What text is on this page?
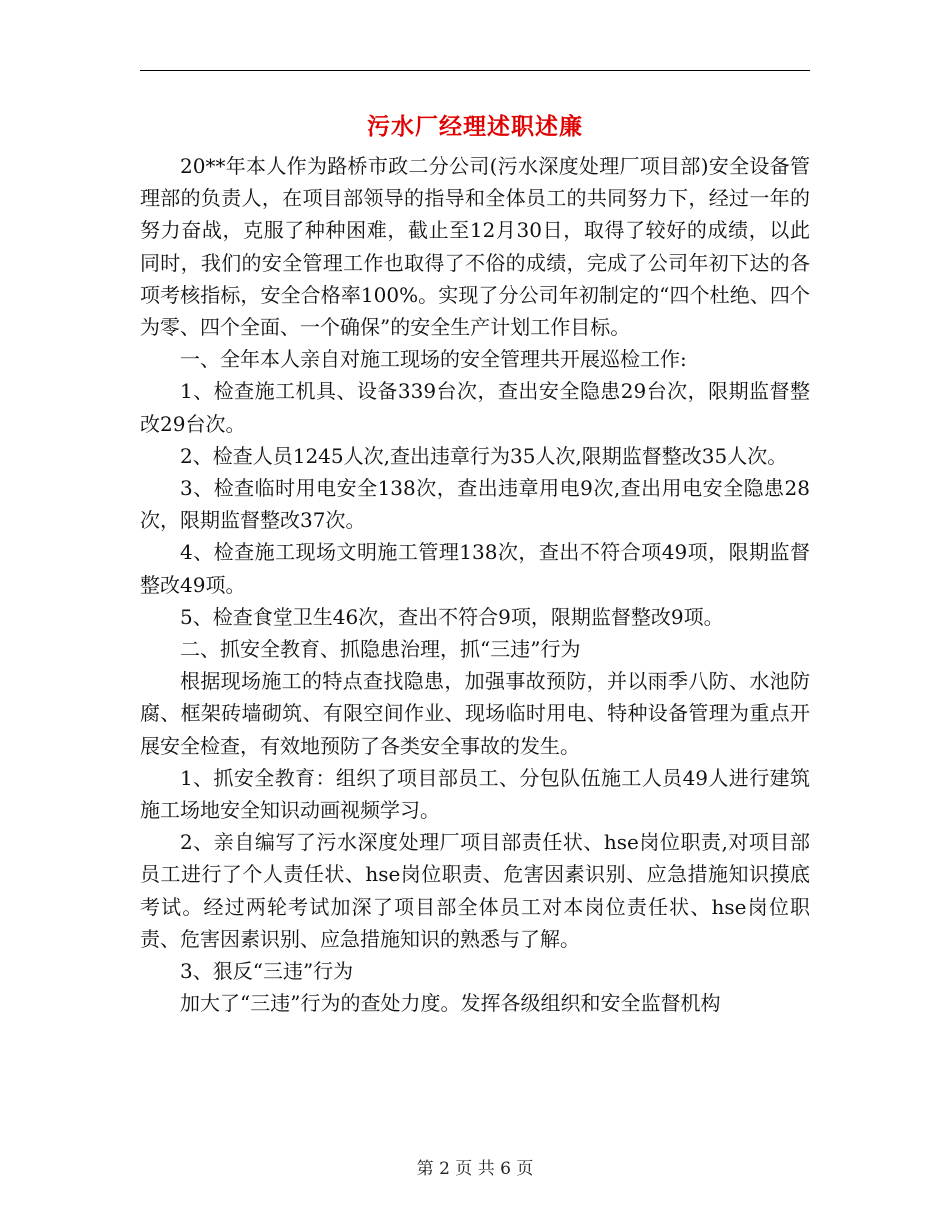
污水厂经理述职述廉

20**年本人作为路桥市政二分公司(污水深度处理厂项目部)安全设备管理部的负责人，在项目部领导的指导和全体员工的共同努力下，经过一年的努力奋战，克服了种种困难，截止至12月30日，取得了较好的成绩，以此同时，我们的安全管理工作也取得了不俗的成绩，完成了公司年初下达的各项考核指标，安全合格率100%。实现了分公司年初制定的“四个杜绝、四个为零、四个全面、一个确保”的安全生产计划工作目标。

一、全年本人亲自对施工现场的安全管理共开展巡检工作:

1、检查施工机具、设备339台次，查出安全隐患29台次，限期监督整改29台次。

2、检查人员1245人次,查出违章行为35人次,限期监督整改35人次。

3、检查临时用电安全138次，查出违章用电9次,查出用电安全隐患28次，限期监督整改37次。

4、检查施工现场文明施工管理138次，查出不符合项49项，限期监督整改49项。

5、检查食堂卫生46次，查出不符合9项，限期监督整改9项。

二、抓安全教育、抓隐患治理，抓“三违”行为

根据现场施工的特点查找隐患，加强事故预防，并以雨季八防、水池防腐、框架砖墙砌筑、有限空间作业、现场临时用电、特种设备管理为重点开展安全检查，有效地预防了各类安全事故的发生。

1、抓安全教育：组织了项目部员工、分包队伍施工人员49人进行建筑施工场地安全知识动画视频学习。

2、亲自编写了污水深度处理厂项目部责任状、hse岗位职责,对项目部员工进行了个人责任状、hse岗位职责、危害因素识别、应急措施知识摸底考试。经过两轮考试加深了项目部全体员工对本岗位责任状、hse岗位职责、危害因素识别、应急措施知识的熟悉与了解。

3、狠反“三违”行为

加大了“三违”行为的查处力度。发挥各级组织和安全监督机构

第 2 页 共 6 页
